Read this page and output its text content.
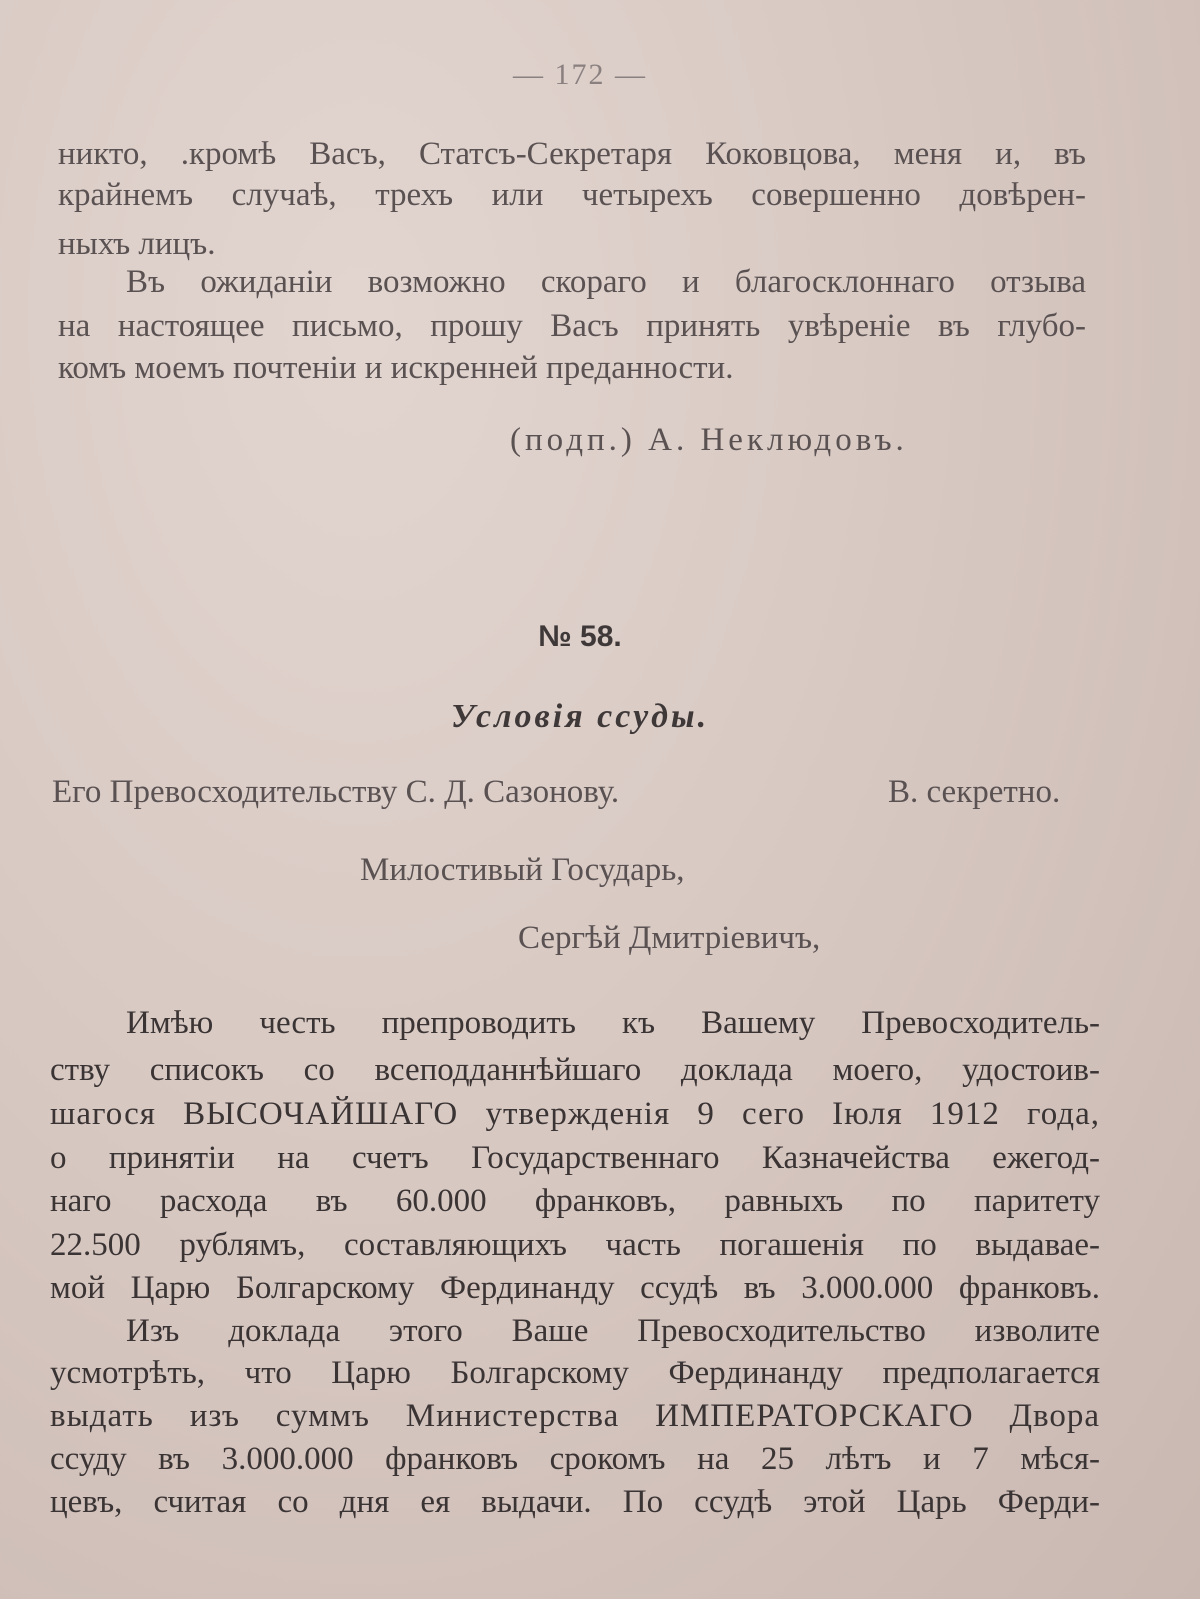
— 172 —
никто, .кромѣ Васъ, Статсъ-Секретаря Коковцова, меня и, въ
крайнемъ случаѣ, трехъ или четырехъ совершенно довѣрен-
ныхъ лицъ.
Въ ожиданіи возможно скораго и благосклоннаго отзыва
на настоящее письмо, прошу Васъ принять увѣреніе въ глубо-
комъ моемъ почтеніи и искренней преданности.
(подп.) А. Неклюдовъ.
№ 58.
Условія ссуды.
Его Превосходительству С. Д. Сазонову.	В. секретно.
Милостивый Государь,
Сергѣй Дмитріевичъ,
Имѣю честь препроводить къ Вашему Превосходитель-
ству списокъ со всеподданнѣйшаго доклада моего, удостоив-
шагося ВЫСОЧАЙШАГО утвержденія 9 сего Іюля 1912 года,
о принятіи на счетъ Государственнаго Казначейства ежегод-
наго расхода въ 60.000 франковъ, равныхъ по паритету
22.500 рублямъ, составляющихъ часть погашенія по выдавае-
мой Царю Болгарскому Фердинанду ссудѣ въ 3.000.000 франковъ.
Изъ доклада этого Ваше Превосходительство изволите
усмотрѣть, что Царю Болгарскому Фердинанду предполагается
выдать изъ суммъ Министерства ИМПЕРАТОРСКАГО Двора
ссуду въ 3.000.000 франковъ срокомъ на 25 лѣтъ и 7 мѣся-
цевъ, считая со дня ея выдачи. По ссудѣ этой Царь Ферди-
